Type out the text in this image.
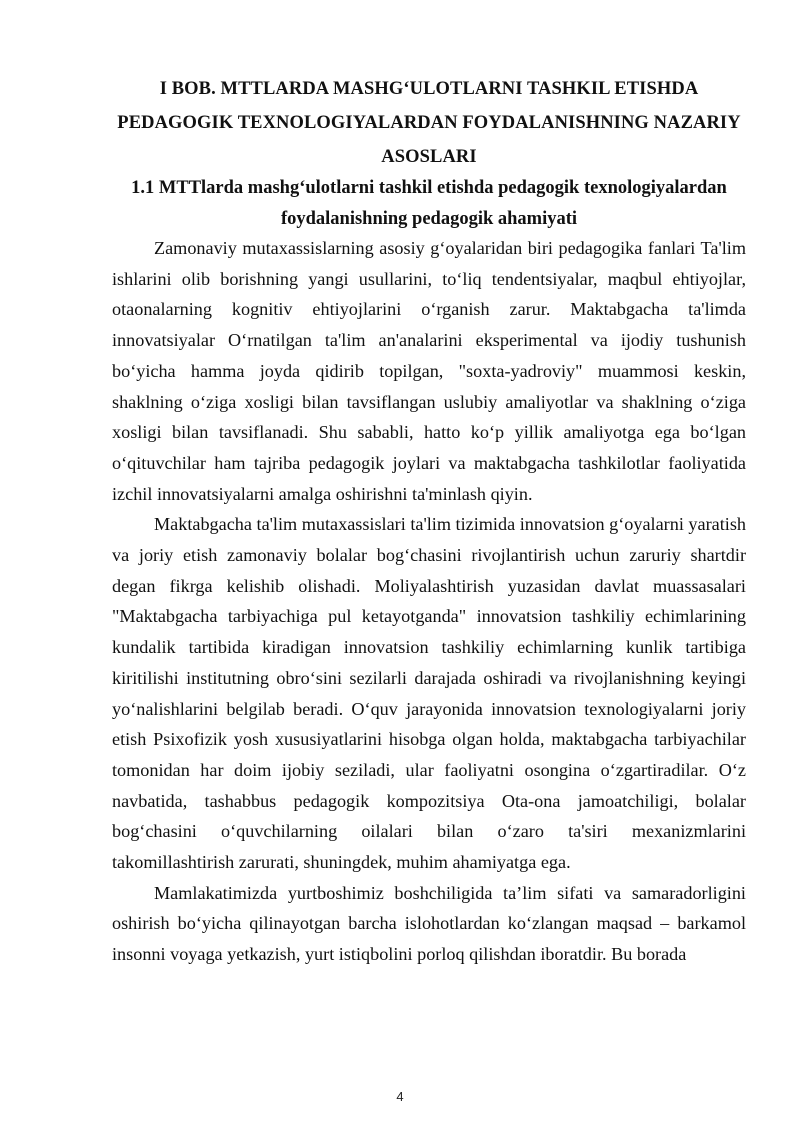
I BOB. MTTLARDA MASHG‘ULOTLARNI TASHKIL ETISHDA PEDAGOGIK TEXNOLOGIYALARDAN FOYDALANISHNING NAZARIY ASOSLARI
1.1 MTTlarda mashg‘ulotlarni tashkil etishda pedagogik texnologiyalardan foydalanishning pedagogik ahamiyati

Zamonaviy mutaxassislarning asosiy g‘oyalaridan biri pedagogika fanlari Ta'lim ishlarini olib borishning yangi usullarini, to‘liq tendentsiyalar, maqbul ehtiyojlar, otaonalarning kognitiv ehtiyojlarini o‘rganish zarur. Maktabgacha ta'limda innovatsiyalar O‘rnatilgan ta'lim an'analarini eksperimental va ijodiy tushunish bo‘yicha hamma joyda qidirib topilgan, "soxta-yadroviy" muammosi keskin, shaklning o‘ziga xosligi bilan tavsiflangan uslubiy amaliyotlar va shaklning o‘ziga xosligi bilan tavsiflanadi. Shu sababli, hatto ko‘p yillik amaliyotga ega bo‘lgan o‘qituvchilar ham tajriba pedagogik joylari va maktabgacha tashkilotlar faoliyatida izchil innovatsiyalarni amalga oshirishni ta'minlash qiyin.

Maktabgacha ta'lim mutaxassislari ta'lim tizimida innovatsion g‘oyalarni yaratish va joriy etish zamonaviy bolalar bog‘chasini rivojlantirish uchun zaruriy shartdir degan fikrga kelishib olishadi. Moliyalashtirish yuzasidan davlat muassasalari "Maktabgacha tarbiyachiga pul ketayotganda" innovatsion tashkiliy echimlarining kundalik tartibida kiradigan innovatsion tashkiliy echimlarning kunlik tartibiga kiritilishi institutning obro‘sini sezilarli darajada oshiradi va rivojlanishning keyingi yo‘nalishlarini belgilab beradi. O‘quv jarayonida innovatsion texnologiyalarni joriy etish Psixofizik yosh xususiyatlarini hisobga olgan holda, maktabgacha tarbiyachilar tomonidan har doim ijobiy seziladi, ular faoliyatni osongina o‘zgartiradilar. O‘z navbatida, tashabbus pedagogik kompozitsiya Ota-ona jamoatchiligi, bolalar bog‘chasini o‘quvchilarning oilalari bilan o‘zaro ta'siri mexanizmlarini takomillashtirish zarurati, shuningdek, muhim ahamiyatga ega.

Mamlakatimizda yurtboshimiz boshchiligida ta’lim sifati va samaradorligini oshirish bo‘yicha qilinayotgan barcha islohotlardan ko‘zlangan maqsad – barkamol insonni voyaga yetkazish, yurt istiqbolini porloq qilishdan iboratdir. Bu borada

4
